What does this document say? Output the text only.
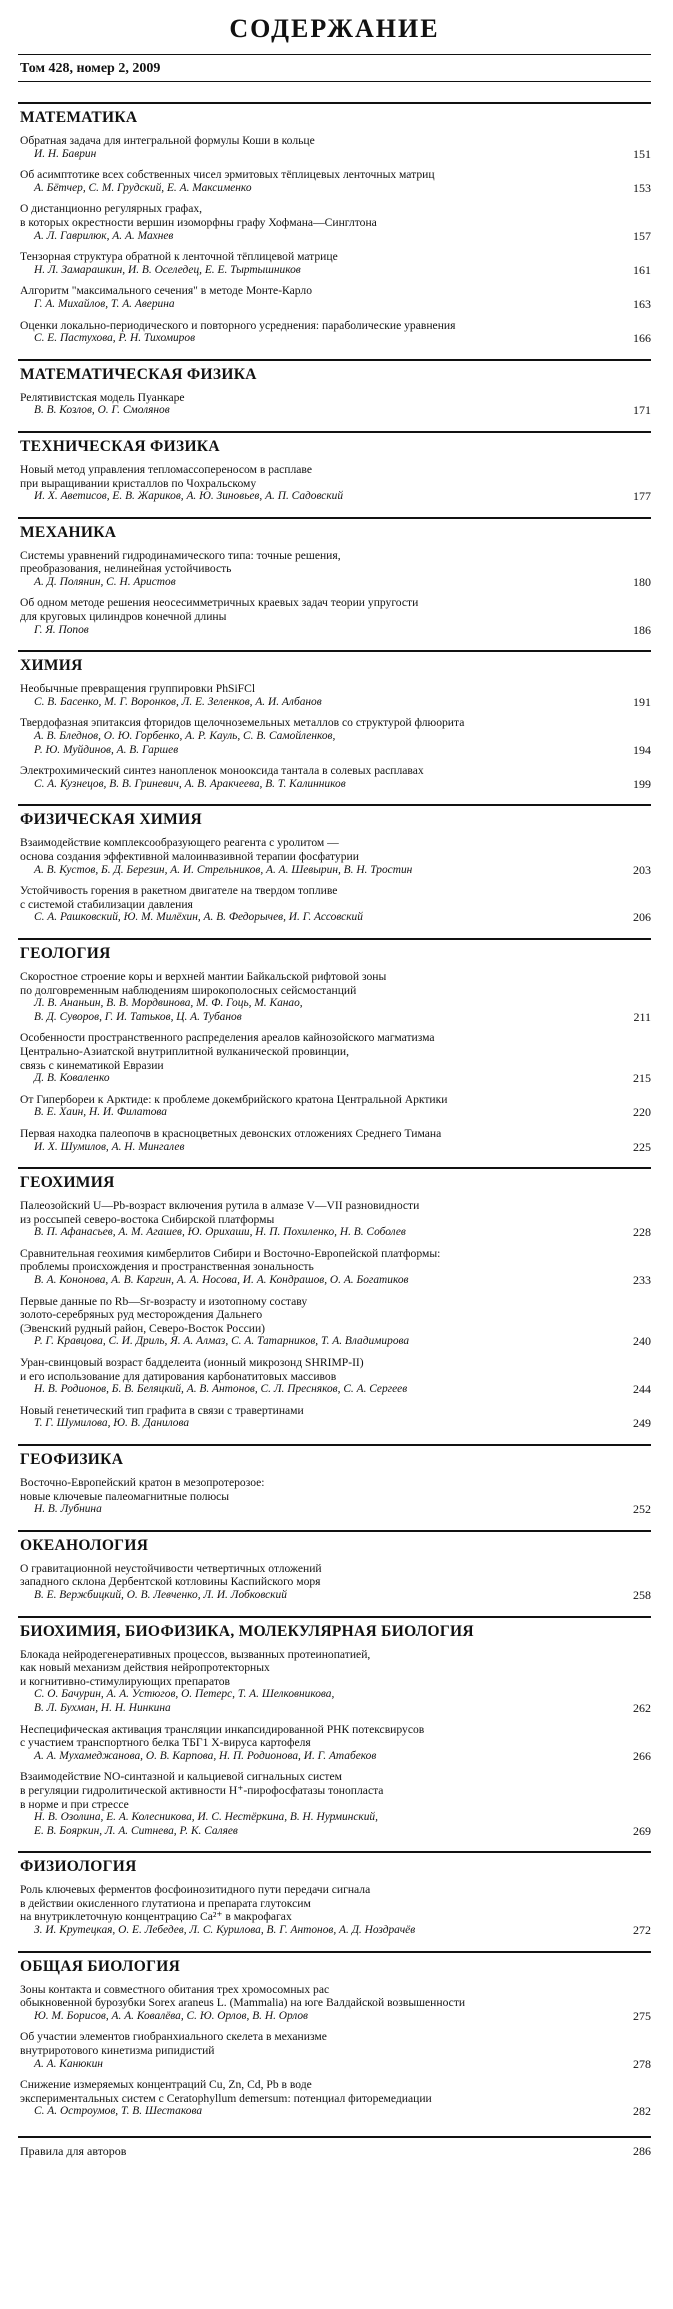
СОДЕРЖАНИЕ
Том 428, номер 2, 2009
МАТЕМАТИКА
Обратная задача для интегральной формулы Коши в кольце
И. Н. Баврин	151
Об асимптотике всех собственных чисел эрмитовых тёплицевых ленточных матриц
А. Бётчер, С. М. Грудский, Е. А. Максименко	153
О дистанционно регулярных графах,
в которых окрестности вершин изоморфны графу Хофмана—Синглтона
А. Л. Гаврилюк, А. А. Махнев	157
Тензорная структура обратной к ленточной тёплицевой матрице
Н. Л. Замарашкин, И. В. Оселедец, Е. Е. Тыртышников	161
Алгоритм "максимального сечения" в методе Монте-Карло
Г. А. Михайлов, Т. А. Аверина	163
Оценки локально-периодического и повторного усреднения: параболические уравнения
С. Е. Пастухова, Р. Н. Тихомиров	166
МАТЕМАТИЧЕСКАЯ ФИЗИКА
Релятивистская модель Пуанкаре
В. В. Козлов, О. Г. Смолянов	171
ТЕХНИЧЕСКАЯ ФИЗИКА
Новый метод управления тепломассопереносом в расплаве
при выращивании кристаллов по Чохральскому
И. Х. Аветисов, Е. В. Жариков, А. Ю. Зиновьев, А. П. Садовский	177
МЕХАНИКА
Системы уравнений гидродинамического типа: точные решения,
преобразования, нелинейная устойчивость
А. Д. Полянин, С. Н. Аристов	180
Об одном методе решения неосесимметричных краевых задач теории упругости
для круговых цилиндров конечной длины
Г. Я. Попов	186
ХИМИЯ
Необычные превращения группировки PhSiFCl
С. В. Басенко, М. Г. Воронков, Л. Е. Зеленков, А. И. Албанов	191
Твердофазная эпитаксия фторидов щелочноземельных металлов со структурой флюорита
А. В. Бледнов, О. Ю. Горбенко, А. Р. Кауль, С. В. Самойленков,
Р. Ю. Муйдинов, А. В. Гаршев	194
Электрохимический синтез нанопленок монооксида тантала в солевых расплавах
С. А. Кузнецов, В. В. Гриневич, А. В. Аракчеева, В. Т. Калинников	199
ФИЗИЧЕСКАЯ ХИМИЯ
Взаимодействие комплексообразующего реагента с уролитом —
основа создания эффективной малоинвазивной терапии фосфатурии
А. В. Кустов, Б. Д. Березин, А. И. Стрельников, А. А. Шевырин, В. Н. Тростин	203
Устойчивость горения в ракетном двигателе на твердом топливе
с системой стабилизации давления
С. А. Рашковский, Ю. М. Милёхин, А. В. Федорычев, И. Г. Ассовский	206
ГЕОЛОГИЯ
Скоростное строение коры и верхней мантии Байкальской рифтовой зоны
по долговременным наблюдениям широкополосных сейсмостанций
Л. В. Ананьин, В. В. Мордвинова, М. Ф. Гоць, М. Канао,
В. Д. Суворов, Г. И. Татьков, Ц. А. Тубанов	211
Особенности пространственного распределения ареалов кайнозойского магматизма
Центрально-Азиатской внутриплитной вулканической провинции,
связь с кинематикой Евразии
Д. В. Коваленко	215
От Гипербореи к Арктиде: к проблеме докембрийского кратона Центральной Арктики
В. Е. Хаин, Н. И. Филатова	220
Первая находка палеопочв в красноцветных девонских отложениях Среднего Тимана
И. Х. Шумилов, А. Н. Мингалев	225
ГЕОХИМИЯ
Палеозойский U—Pb-возраст включения рутила в алмазе V—VII разновидности
из россыпей северо-востока Сибирской платформы
В. П. Афанасьев, А. М. Агашев, Ю. Орихаши, Н. П. Похиленко, Н. В. Соболев	228
Сравнительная геохимия кимберлитов Сибири и Восточно-Европейской платформы:
проблемы происхождения и пространственная зональность
В. А. Кононова, А. В. Каргин, А. А. Носова, И. А. Кондрашов, О. А. Богатиков	233
Первые данные по Rb—Sr-возрасту и изотопному составу
золото-серебряных руд месторождения Дальнего
(Эвенский рудный район, Северо-Восток России)
Р. Г. Кравцова, С. И. Дриль, Я. А. Алмаз, С. А. Татарников, Т. А. Владимирова	240
Уран-свинцовый возраст бадделеита (ионный микрозонд SHRIMP-II)
и его использование для датирования карбонатитовых массивов
Н. В. Родионов, Б. В. Беляцкий, А. В. Антонов, С. Л. Пресняков, С. А. Сергеев	244
Новый генетический тип графита в связи с травертинами
Т. Г. Шумилова, Ю. В. Данилова	249
ГЕОФИЗИКА
Восточно-Европейский кратон в мезопротерозое:
новые ключевые палеомагнитные полюсы
Н. В. Лубнина	252
ОКЕАНОЛОГИЯ
О гравитационной неустойчивости четвертичных отложений
западного склона Дербентской котловины Каспийского моря
В. Е. Вержбицкий, О. В. Левченко, Л. И. Лобковский	258
БИОХИМИЯ, БИОФИЗИКА, МОЛЕКУЛЯРНАЯ БИОЛОГИЯ
Блокада нейродегенеративных процессов, вызванных протеинопатией,
как новый механизм действия нейропротекторных
и когнитивно-стимулирующих препаратов
С. О. Бачурин, А. А. Устюгов, О. Петерс, Т. А. Шелковникова,
В. Л. Бухман, Н. Н. Нинкина	262
Неспецифическая активация трансляции инкапсидированной РНК потексвирусов
с участием транспортного белка ТБГ1 Х-вируса картофеля
А. А. Мухамеджанова, О. В. Карпова, Н. П. Родионова, И. Г. Атабеков	266
Взаимодействие NO-синтазной и кальциевой сигнальных систем
в регуляции гидролитической активности H⁺-пирофосфатазы тонопласта
в норме и при стрессе
Н. В. Озолина, Е. А. Колесникова, И. С. Нестёркина, В. Н. Нурминский,
Е. В. Бояркин, Л. А. Ситнева, Р. К. Саляев	269
ФИЗИОЛОГИЯ
Роль ключевых ферментов фосфоинозитидного пути передачи сигнала
в действии окисленного глутатиона и препарата глутоксим
на внутриклеточную концентрацию Ca²⁺ в макрофагах
З. И. Крутецкая, О. Е. Лебедев, Л. С. Курилова, В. Г. Антонов, А. Д. Ноздрачёв	272
ОБЩАЯ БИОЛОГИЯ
Зоны контакта и совместного обитания трех хромосомных рас
обыкновенной бурозубки Sorex araneus L. (Mammalia) на юге Валдайской возвышенности
Ю. М. Борисов, А. А. Ковалёва, С. Ю. Орлов, В. Н. Орлов	275
Об участии элементов гиобранхиального скелета в механизме
внутриротового кинетизма рипидистий
А. А. Канюкин	278
Снижение измеряемых концентраций Cu, Zn, Cd, Pb в воде
экспериментальных систем с Ceratophyllum demersum: потенциал фиторемедиации
С. А. Остроумов, Т. В. Шестакова	282
Правила для авторов	286
